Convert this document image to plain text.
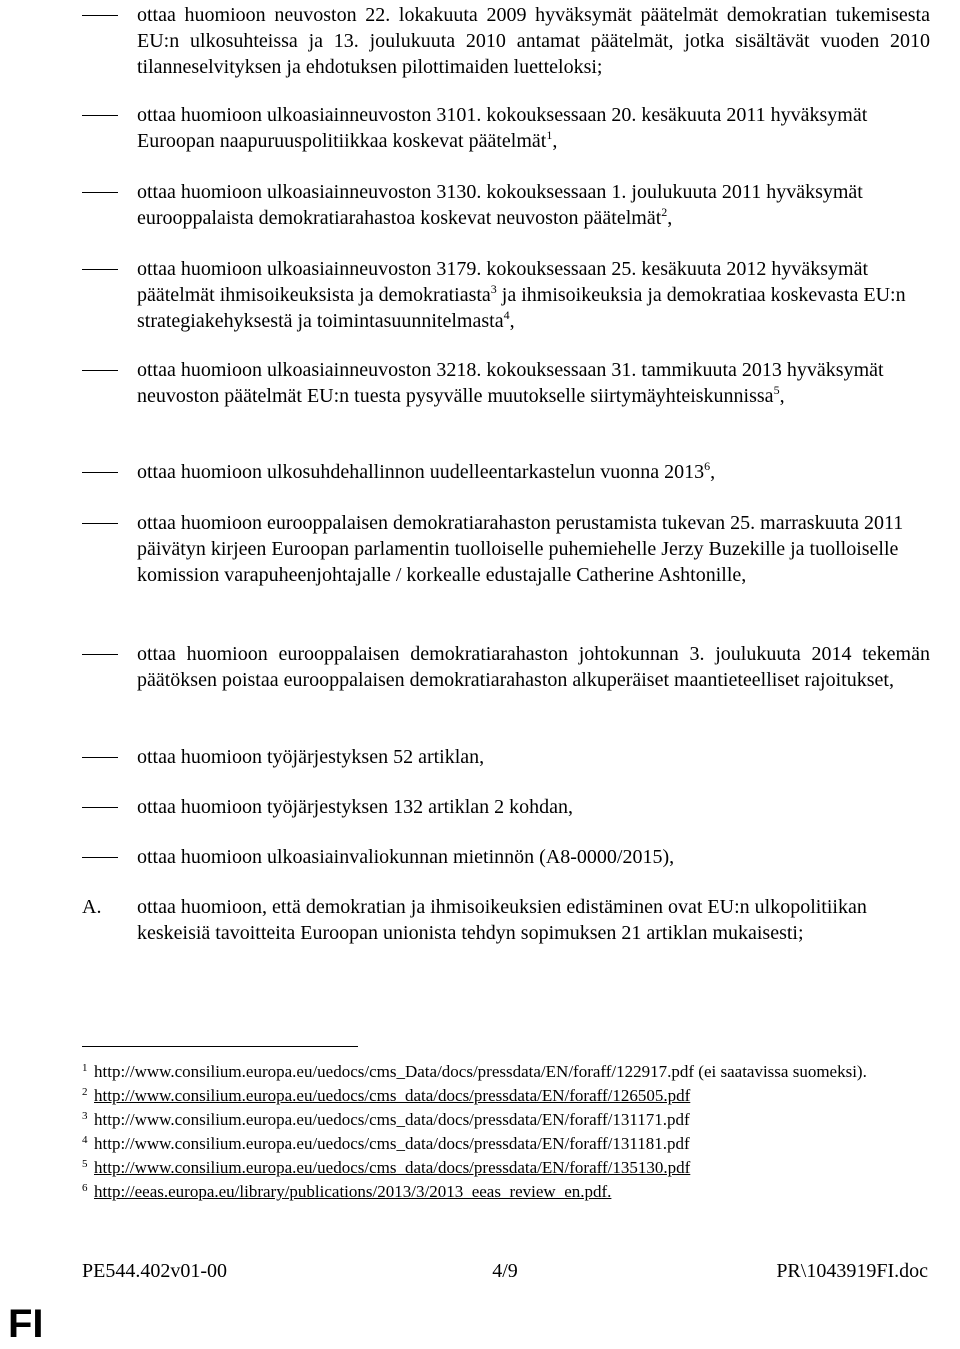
ottaa huomioon neuvoston 22. lokakuuta 2009 hyväksymät päätelmät demokratian tukemisesta EU:n ulkosuhteissa ja 13. joulukuuta 2010 antamat päätelmät, jotka sisältävät vuoden 2010 tilanneselvityksen ja ehdotuksen pilottimaiden luetteloksi;
ottaa huomioon ulkoasiainneuvoston 3101. kokouksessaan 20. kesäkuuta 2011 hyväksymät Euroopan naapuruuspolitiikkaa koskevat päätelmät$^1$,
ottaa huomioon ulkoasiainneuvoston 3130. kokouksessaan 1. joulukuuta 2011 hyväksymät eurooppalaista demokratiarahastoa koskevat neuvoston päätelmät$^2$,
ottaa huomioon ulkoasiainneuvoston 3179. kokouksessaan 25. kesäkuuta 2012 hyväksymät päätelmät ihmisoikeuksista ja demokratiasta$^3$ ja ihmisoikeuksia ja demokratiaa koskevasta EU:n strategiakehyksestä ja toimintasuunnitelmasta$^4$,
ottaa huomioon ulkoasiainneuvoston 3218. kokouksessaan 31. tammikuuta 2013 hyväksymät neuvoston päätelmät EU:n tuesta pysyvälle muutokselle siirtymäyhteiskunnissa$^5$,
ottaa huomioon ulkosuhdehallinnon uudelleentarkastelun vuonna 2013$^6$,
ottaa huomioon eurooppalaisen demokratiarahaston perustamista tukevan 25. marraskuuta 2011 päivätyn kirjeen Euroopan parlamentin tuolloiselle puhemiehelle Jerzy Buzekille ja tuolloiselle komission varapuheenjohtajalle / korkealle edustajalle Catherine Ashtonille,
ottaa huomioon eurooppalaisen demokratiarahaston johtokunnan 3. joulukuuta 2014 tekemän päätöksen poistaa eurooppalaisen demokratiarahaston alkuperäiset maantieteelliset rajoitukset,
ottaa huomioon työjärjestyksen 52 artiklan,
ottaa huomioon työjärjestyksen 132 artiklan 2 kohdan,
ottaa huomioon ulkoasiainvaliokunnan mietinnön (A8-0000/2015),
A. ottaa huomioon, että demokratian ja ihmisoikeuksien edistäminen ovat EU:n ulkopolitiikan keskeisiä tavoitteita Euroopan unionista tehdyn sopimuksen 21 artiklan mukaisesti;
1 http://www.consilium.europa.eu/uedocs/cms_Data/docs/pressdata/EN/foraff/122917.pdf (ei saatavissa suomeksi).
2 http://www.consilium.europa.eu/uedocs/cms_data/docs/pressdata/EN/foraff/126505.pdf
3 http://www.consilium.europa.eu/uedocs/cms_data/docs/pressdata/EN/foraff/131171.pdf
4 http://www.consilium.europa.eu/uedocs/cms_data/docs/pressdata/EN/foraff/131181.pdf
5 http://www.consilium.europa.eu/uedocs/cms_data/docs/pressdata/EN/foraff/135130.pdf
6 http://eeas.europa.eu/library/publications/2013/3/2013_eeas_review_en.pdf.
4/9
PE544.402v01-00	PR\1043919FI.doc
FI
